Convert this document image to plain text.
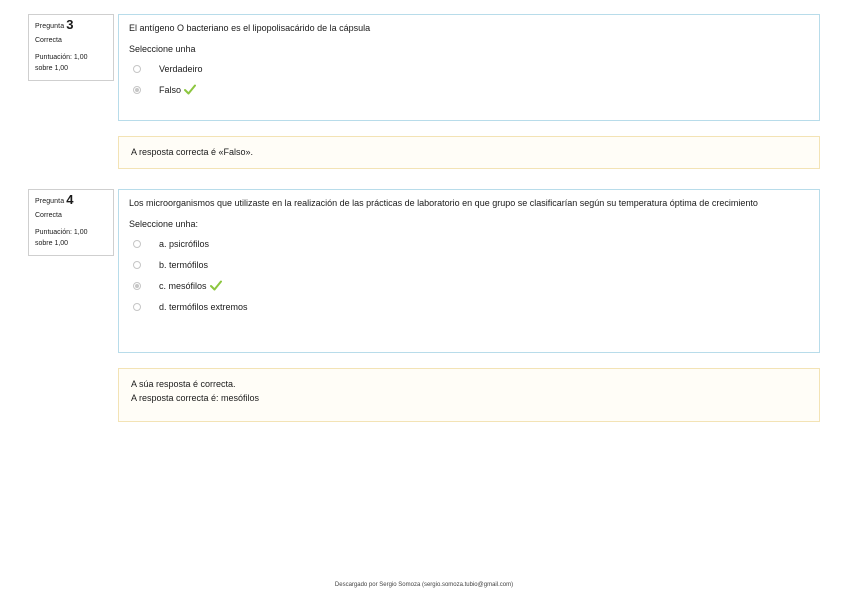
Pregunta 3
Correcta
Puntuación: 1,00
sobre 1,00
El antígeno O bacteriano es el lipopolisacárido de la cápsula
Seleccione unha
Verdadeiro
Falso
A resposta correcta é «Falso».
Pregunta 4
Correcta
Puntuación: 1,00
sobre 1,00
Los microorganismos que utilizaste en la realización de las prácticas de laboratorio en que grupo se clasificarían según su temperatura óptima de crecimiento
Seleccione unha:
a. psicrófilos
b. termófilos
c. mesófilos
d. termófilos extremos
A súa resposta é correcta.
A resposta correcta é: mesófilos
Descargado por Sergio Somoza (sergio.somoza.tubio@gmail.com)
